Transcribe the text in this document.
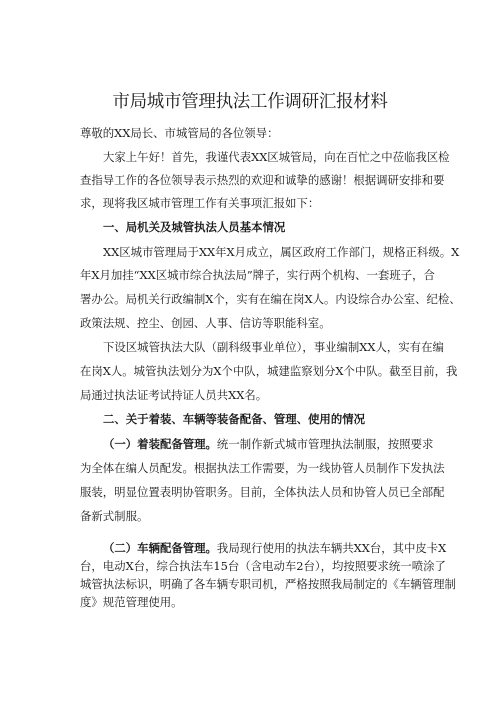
市局城市管理执法工作调研汇报材料
尊敬的XX局长、市城管局的各位领导：
大家上午好！首先，我谨代表XX区城管局，向在百忙之中莅临我区检
查指导工作的各位领导表示热烈的欢迎和诚挚的感谢！根据调研安排和要
求，现将我区城市管理工作有关事项汇报如下：
一、局机关及城管执法人员基本情况
XX区城市管理局于XX年X月成立，属区政府工作部门，规格正科级。X
年X月加挂“XX区城市综合执法局”牌子，实行两个机构、一套班子，合
署办公。局机关行政编制X个，实有在编在岗X人。内设综合办公室、纪检、
政策法规、控尘、创园、人事、信访等职能科室。
下设区城管执法大队（副科级事业单位），事业编制XX人，实有在编
在岗X人。城管执法划分为X个中队，城建监察划分X个中队。截至目前，我
局通过执法证考试持证人员共XX名。
二、关于着装、车辆等装备配备、管理、使用的情况
（一）着装配备管理。统一制作新式城市管理执法制服，按照要求
为全体在编人员配发。根据执法工作需要，为一线协管人员制作下发执法
服装，明显位置表明协管职务。目前，全体执法人员和协管人员已全部配
备新式制服。
（二）车辆配备管理。我局现行使用的执法车辆共XX台，其中皮卡X
台，电动X台，综合执法车15台（含电动车2台），均按照要求统一喷涂了
城管执法标识，明确了各车辆专职司机，严格按照我局制定的《车辆管理制
度》规范管理使用。
